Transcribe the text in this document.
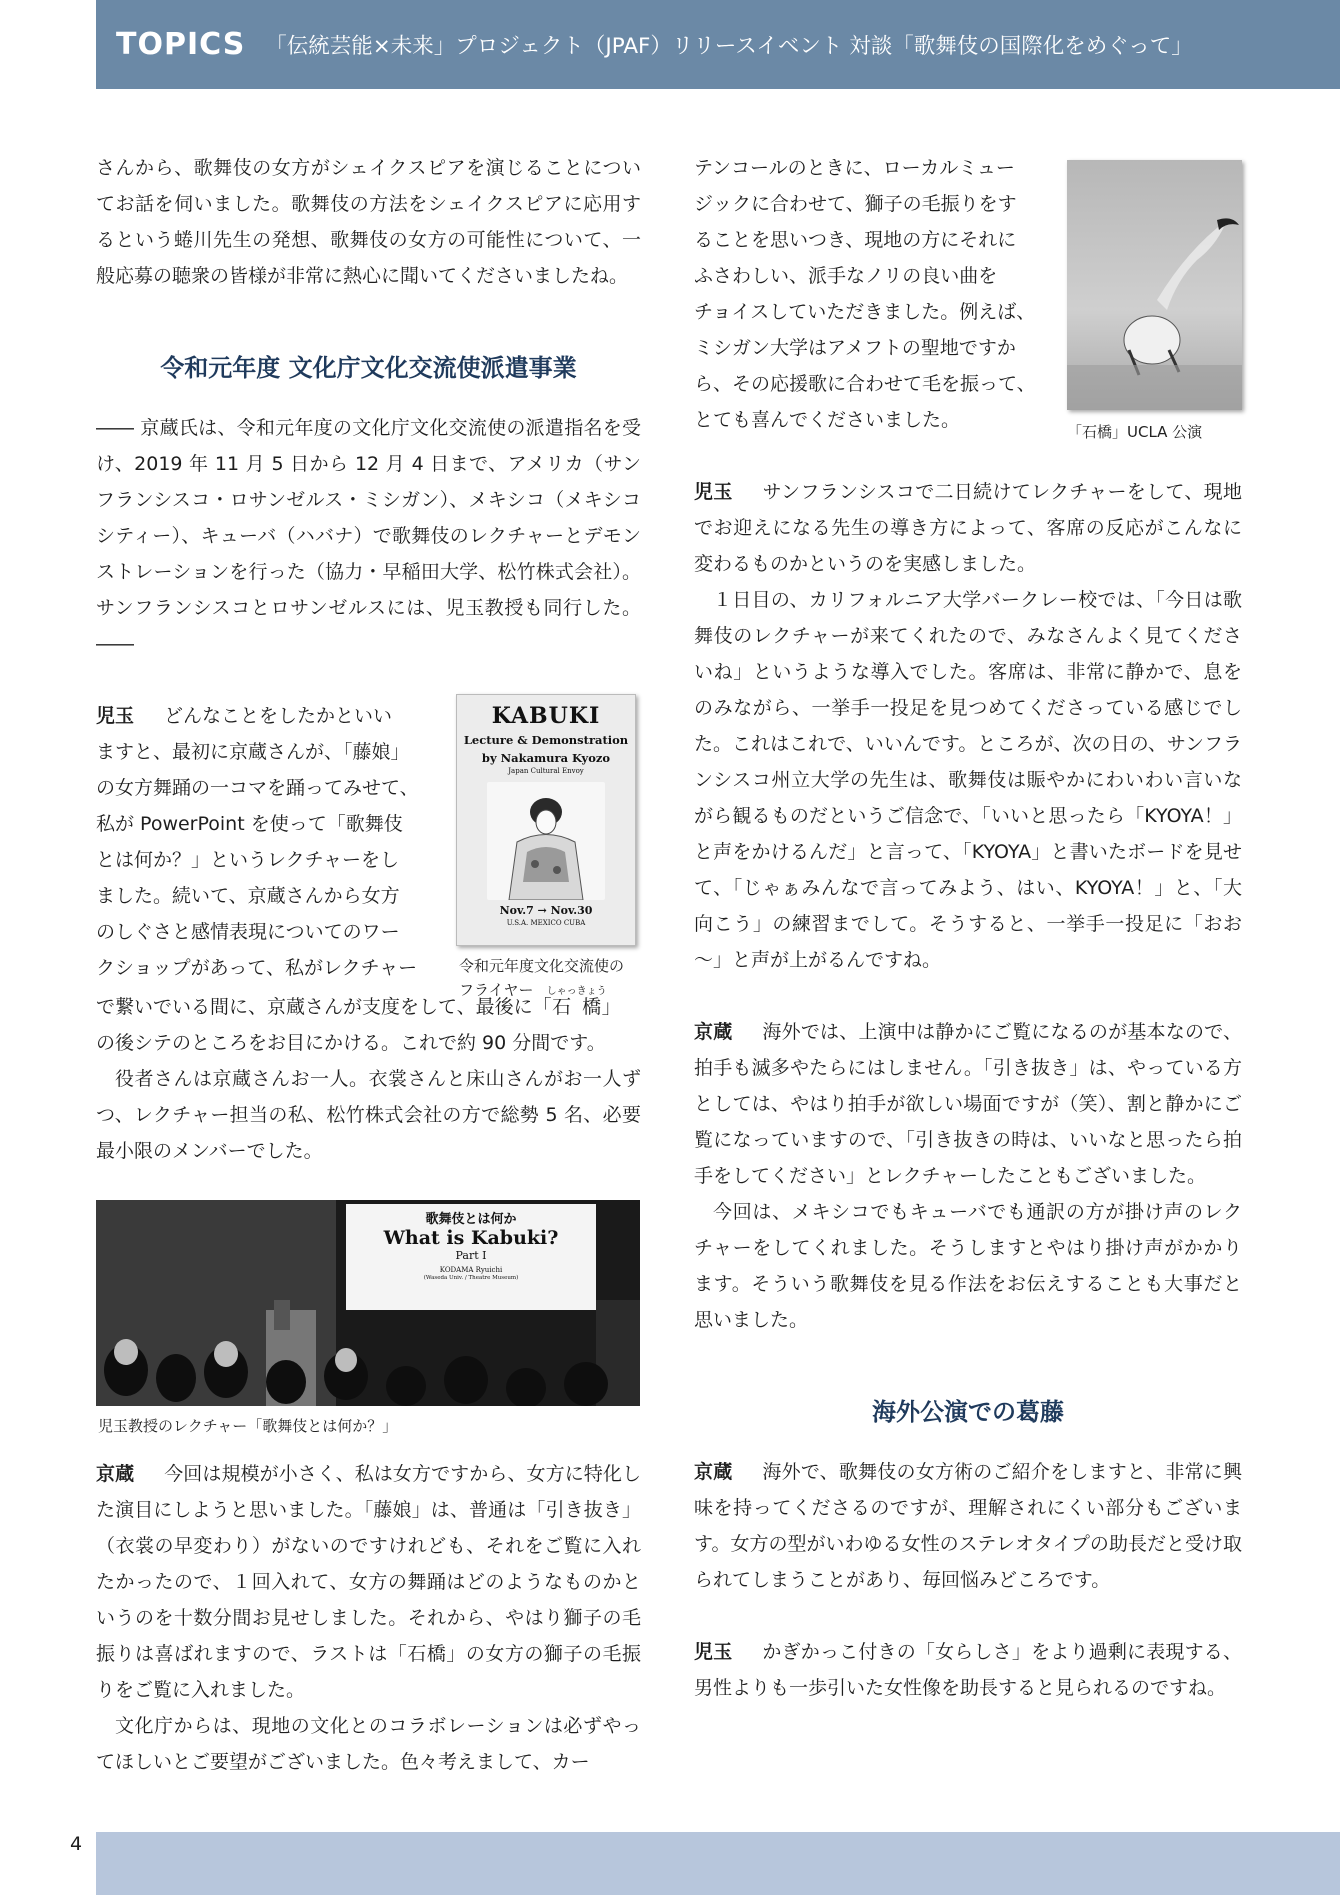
TOPICS 「伝統芸能×未来」プロジェクト（JPAF）リリースイベント 対談「歌舞伎の国際化をめぐって」

さんから、歌舞伎の女方がシェイクスピアを演じることについてお話を伺いました。歌舞伎の方法をシェイクスピアに応用するという蜷川先生の発想、歌舞伎の女方の可能性について、一般応募の聴衆の皆様が非常に熱心に聞いてくださいましたね。

令和元年度 文化庁文化交流使派遣事業

―― 京蔵氏は、令和元年度の文化庁文化交流使の派遣指名を受け、2019 年 11 月 5 日から 12 月 4 日まで、アメリカ（サンフランシスコ・ロサンゼルス・ミシガン）、メキシコ（メキシコシティー）、キューバ（ハバナ）で歌舞伎のレクチャーとデモンストレーションを行った（協力・早稲田大学、松竹株式会社）。サンフランシスコとロサンゼルスには、児玉教授も同行した。 ――

児玉 どんなことをしたかといい
ますと、最初に京蔵さんが、「藤娘」
の女方舞踊の一コマを踊ってみせて、
私が PowerPoint を使って「歌舞伎
とは何か？」というレクチャーをし
ました。続いて、京蔵さんから女方
のしぐさと感情表現についてのワー
クショップがあって、私がレクチャー
で繋いでいる間に、京蔵さんが支度をして、最後に「石橋しゃっきょう」
の後シテのところをお目にかける。これで約 90 分間です。

役者さんは京蔵さんお一人。衣裳さんと床山さんがお一人ずつ、レクチャー担当の私、松竹株式会社の方で総勢 5 名、必要最小限のメンバーでした。

京蔵 今回は規模が小さく、私は女方ですから、女方に特化した演目にしようと思いました。「藤娘」は、普通は「引き抜き」（衣裳の早変わり）がないのですけれども、それをご覧に入れたかったので、１回入れて、女方の舞踊はどのようなものかというのを十数分間お見せしました。それから、やはり獅子の毛振りは喜ばれますので、ラストは「石橋」の女方の獅子の毛振りをご覧に入れました。

文化庁からは、現地の文化とのコラボレーションは必ずやってほしいとご要望がございました。色々考えまして、カー

KABUKI
Lecture & Demonstration
by Nakamura Kyozo
Japan Cultural Envoy
Nov.7 → Nov.30
U.S.A. MEXICO CUBA
令和元年度文化交流使の
フライヤー
歌舞伎とは何か
What is Kabuki?
Part I
KODAMA Ryuichi
(Waseda Univ. / Theatre Museum)
児玉教授のレクチャー「歌舞伎とは何か？」
「石橋」UCLA 公演
テンコールのときに、ローカルミュー
ジックに合わせて、獅子の毛振りをす
ることを思いつき、現地の方にそれに
ふさわしい、派手なノリの良い曲を
チョイスしていただきました。例えば、
ミシガン大学はアメフトの聖地ですか
ら、その応援歌に合わせて毛を振って、
とても喜んでくださいました。

児玉 サンフランシスコで二日続けてレクチャーをして、現地でお迎えになる先生の導き方によって、客席の反応がこんなに変わるものかというのを実感しました。

１日目の、カリフォルニア大学バークレー校では、「今日は歌舞伎のレクチャーが来てくれたので、みなさんよく見てくださいね」というような導入でした。客席は、非常に静かで、息をのみながら、一挙手一投足を見つめてくださっている感じでした。これはこれで、いいんです。ところが、次の日の、サンフランシスコ州立大学の先生は、歌舞伎は賑やかにわいわい言いながら観るものだというご信念で、「いいと思ったら「KYOYA！」と声をかけるんだ」と言って、「KYOYA」と書いたボードを見せて、「じゃぁみんなで言ってみよう、はい、KYOYA！」と、「大向こう」の練習までして。そうすると、一挙手一投足に「おお～」と声が上がるんですね。

京蔵 海外では、上演中は静かにご覧になるのが基本なので、拍手も滅多やたらにはしません。「引き抜き」は、やっている方としては、やはり拍手が欲しい場面ですが（笑）、割と静かにご覧になっていますので、「引き抜きの時は、いいなと思ったら拍手をしてください」とレクチャーしたこともございました。

今回は、メキシコでもキューバでも通訳の方が掛け声のレクチャーをしてくれました。そうしますとやはり掛け声がかかります。そういう歌舞伎を見る作法をお伝えすることも大事だと思いました。

海外公演での葛藤

京蔵 海外で、歌舞伎の女方術のご紹介をしますと、非常に興味を持ってくださるのですが、理解されにくい部分もございます。女方の型がいわゆる女性のステレオタイプの助長だと受け取られてしまうことがあり、毎回悩みどころです。

児玉 かぎかっこ付きの「女らしさ」をより過剰に表現する、男性よりも一歩引いた女性像を助長すると見られるのですね。

4
